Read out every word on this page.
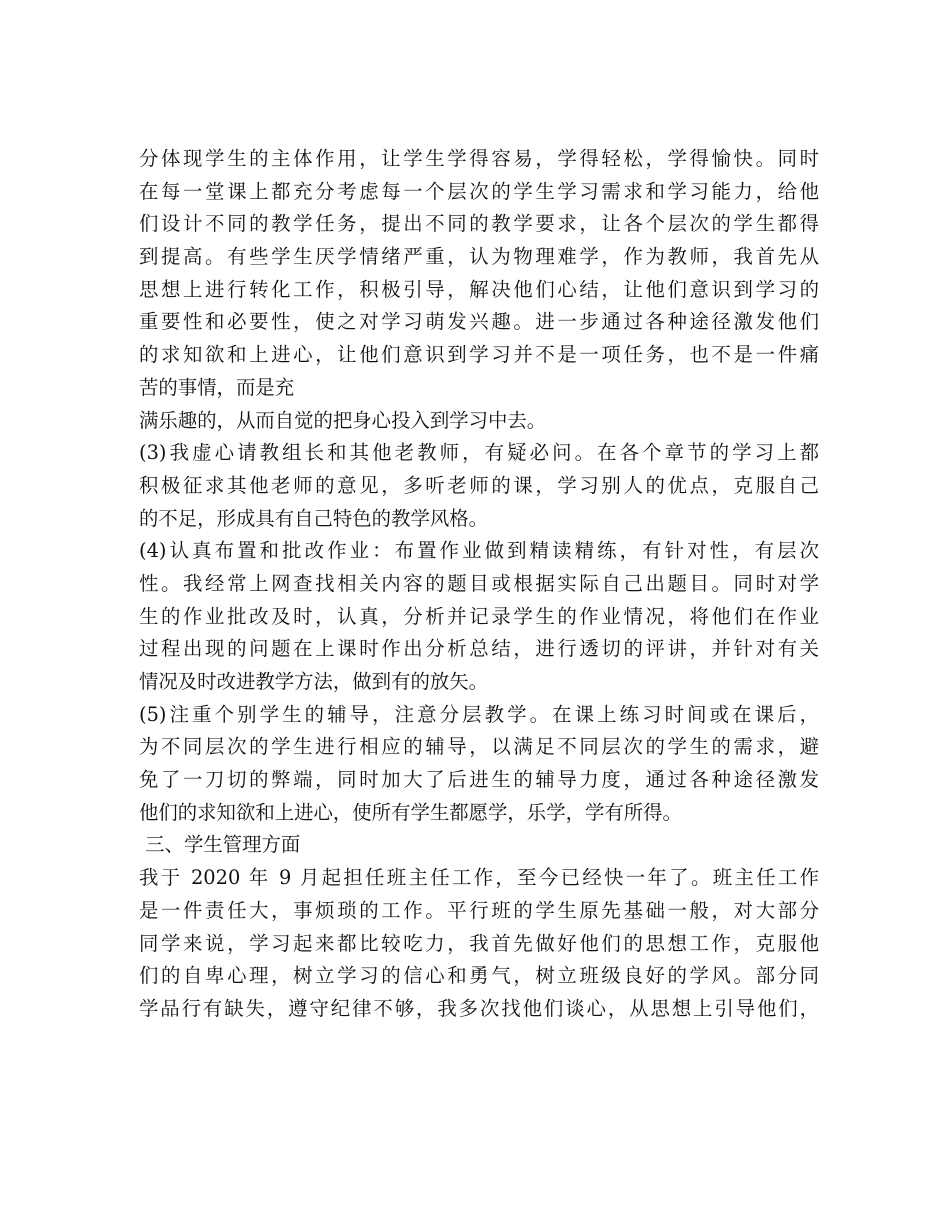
分体现学生的主体作用，让学生学得容易，学得轻松，学得愉快。同时

在每一堂课上都充分考虑每一个层次的学生学习需求和学习能力，给他

们设计不同的教学任务，提出不同的教学要求，让各个层次的学生都得

到提高。有些学生厌学情绪严重，认为物理难学，作为教师，我首先从

思想上进行转化工作，积极引导，解决他们心结，让他们意识到学习的

重要性和必要性，使之对学习萌发兴趣。进一步通过各种途径激发他们

的求知欲和上进心，让他们意识到学习并不是一项任务，也不是一件痛

苦的事情，而是充

满乐趣的，从而自觉的把身心投入到学习中去。

(3)我虚心请教组长和其他老教师，有疑必问。在各个章节的学习上都

积极征求其他老师的意见，多听老师的课，学习别人的优点，克服自己

的不足，形成具有自己特色的教学风格。

(4)认真布置和批改作业：布置作业做到精读精练，有针对性，有层次

性。我经常上网查找相关内容的题目或根据实际自己出题目。同时对学

生的作业批改及时，认真，分析并记录学生的作业情况，将他们在作业

过程出现的问题在上课时作出分析总结，进行透切的评讲，并针对有关

情况及时改进教学方法，做到有的放矢。

(5)注重个别学生的辅导，注意分层教学。在课上练习时间或在课后，

为不同层次的学生进行相应的辅导，以满足不同层次的学生的需求，避

免了一刀切的弊端，同时加大了后进生的辅导力度，通过各种途径激发

他们的求知欲和上进心，使所有学生都愿学，乐学，学有所得。

三、学生管理方面

我于 2020 年 9 月起担任班主任工作，至今已经快一年了。班主任工作

是一件责任大，事烦琐的工作。平行班的学生原先基础一般，对大部分

同学来说，学习起来都比较吃力，我首先做好他们的思想工作，克服他

们的自卑心理，树立学习的信心和勇气，树立班级良好的学风。部分同

学品行有缺失，遵守纪律不够，我多次找他们谈心，从思想上引导他们，
